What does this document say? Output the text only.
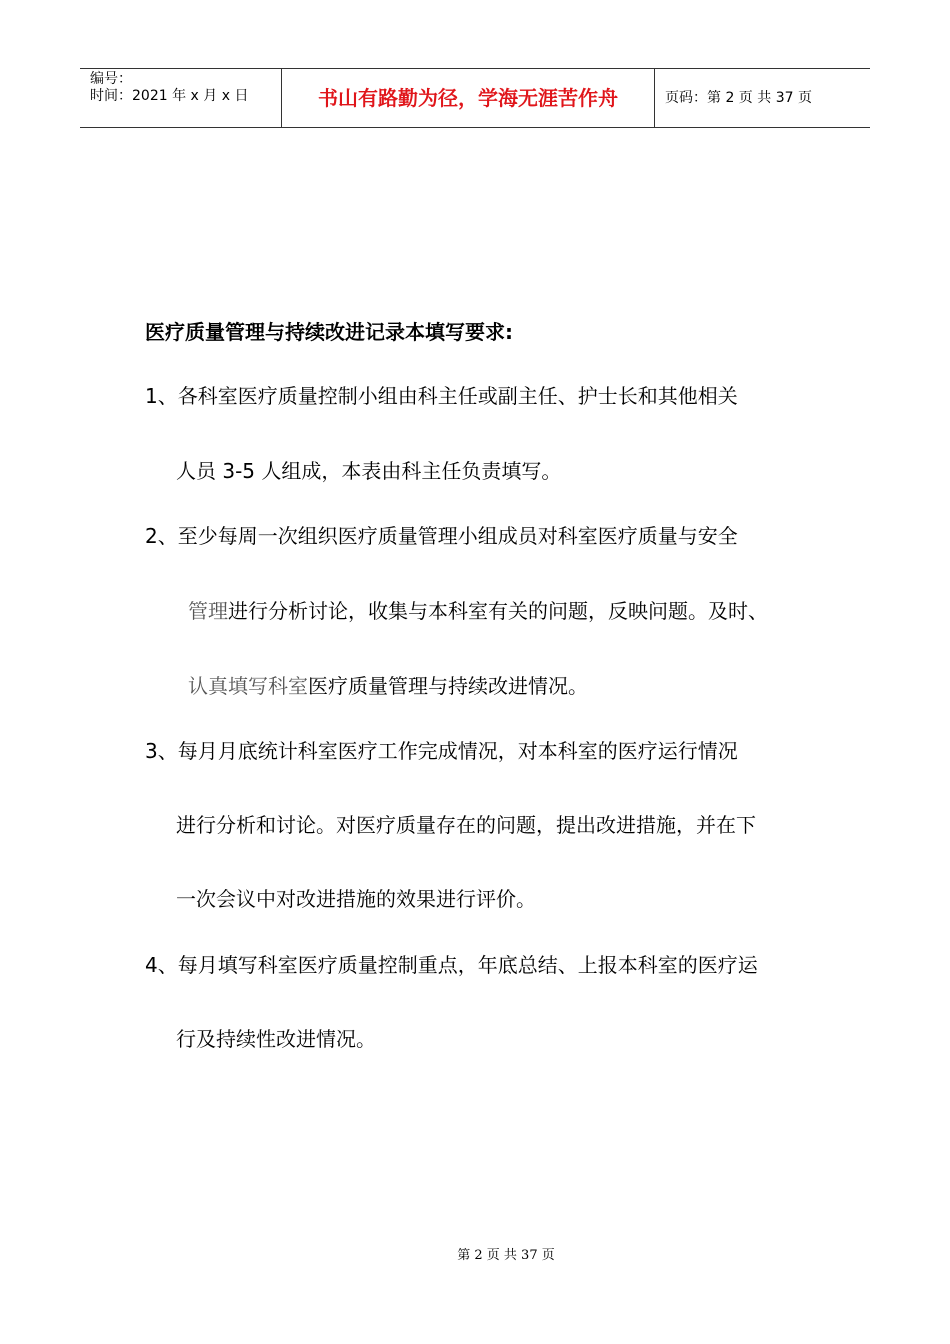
编号：
时间：2021 年 x 月 x 日	书山有路勤为径，学海无涯苦作舟	页码：第 2 页 共 37 页
医疗质量管理与持续改进记录本填写要求:
1、各科室医疗质量控制小组由科主任或副主任、护士长和其他相关
人员 3-5 人组成，本表由科主任负责填写。
2、至少每周一次组织医疗质量管理小组成员对科室医疗质量与安全
管理进行分析讨论，收集与本科室有关的问题，反映问题。及时、
认真填写科室医疗质量管理与持续改进情况。
3、每月月底统计科室医疗工作完成情况，对本科室的医疗运行情况
进行分析和讨论。对医疗质量存在的问题，提出改进措施，并在下
一次会议中对改进措施的效果进行评价。
4、每月填写科室医疗质量控制重点，年底总结、上报本科室的医疗运
行及持续性改进情况。
第 2 页 共 37 页
